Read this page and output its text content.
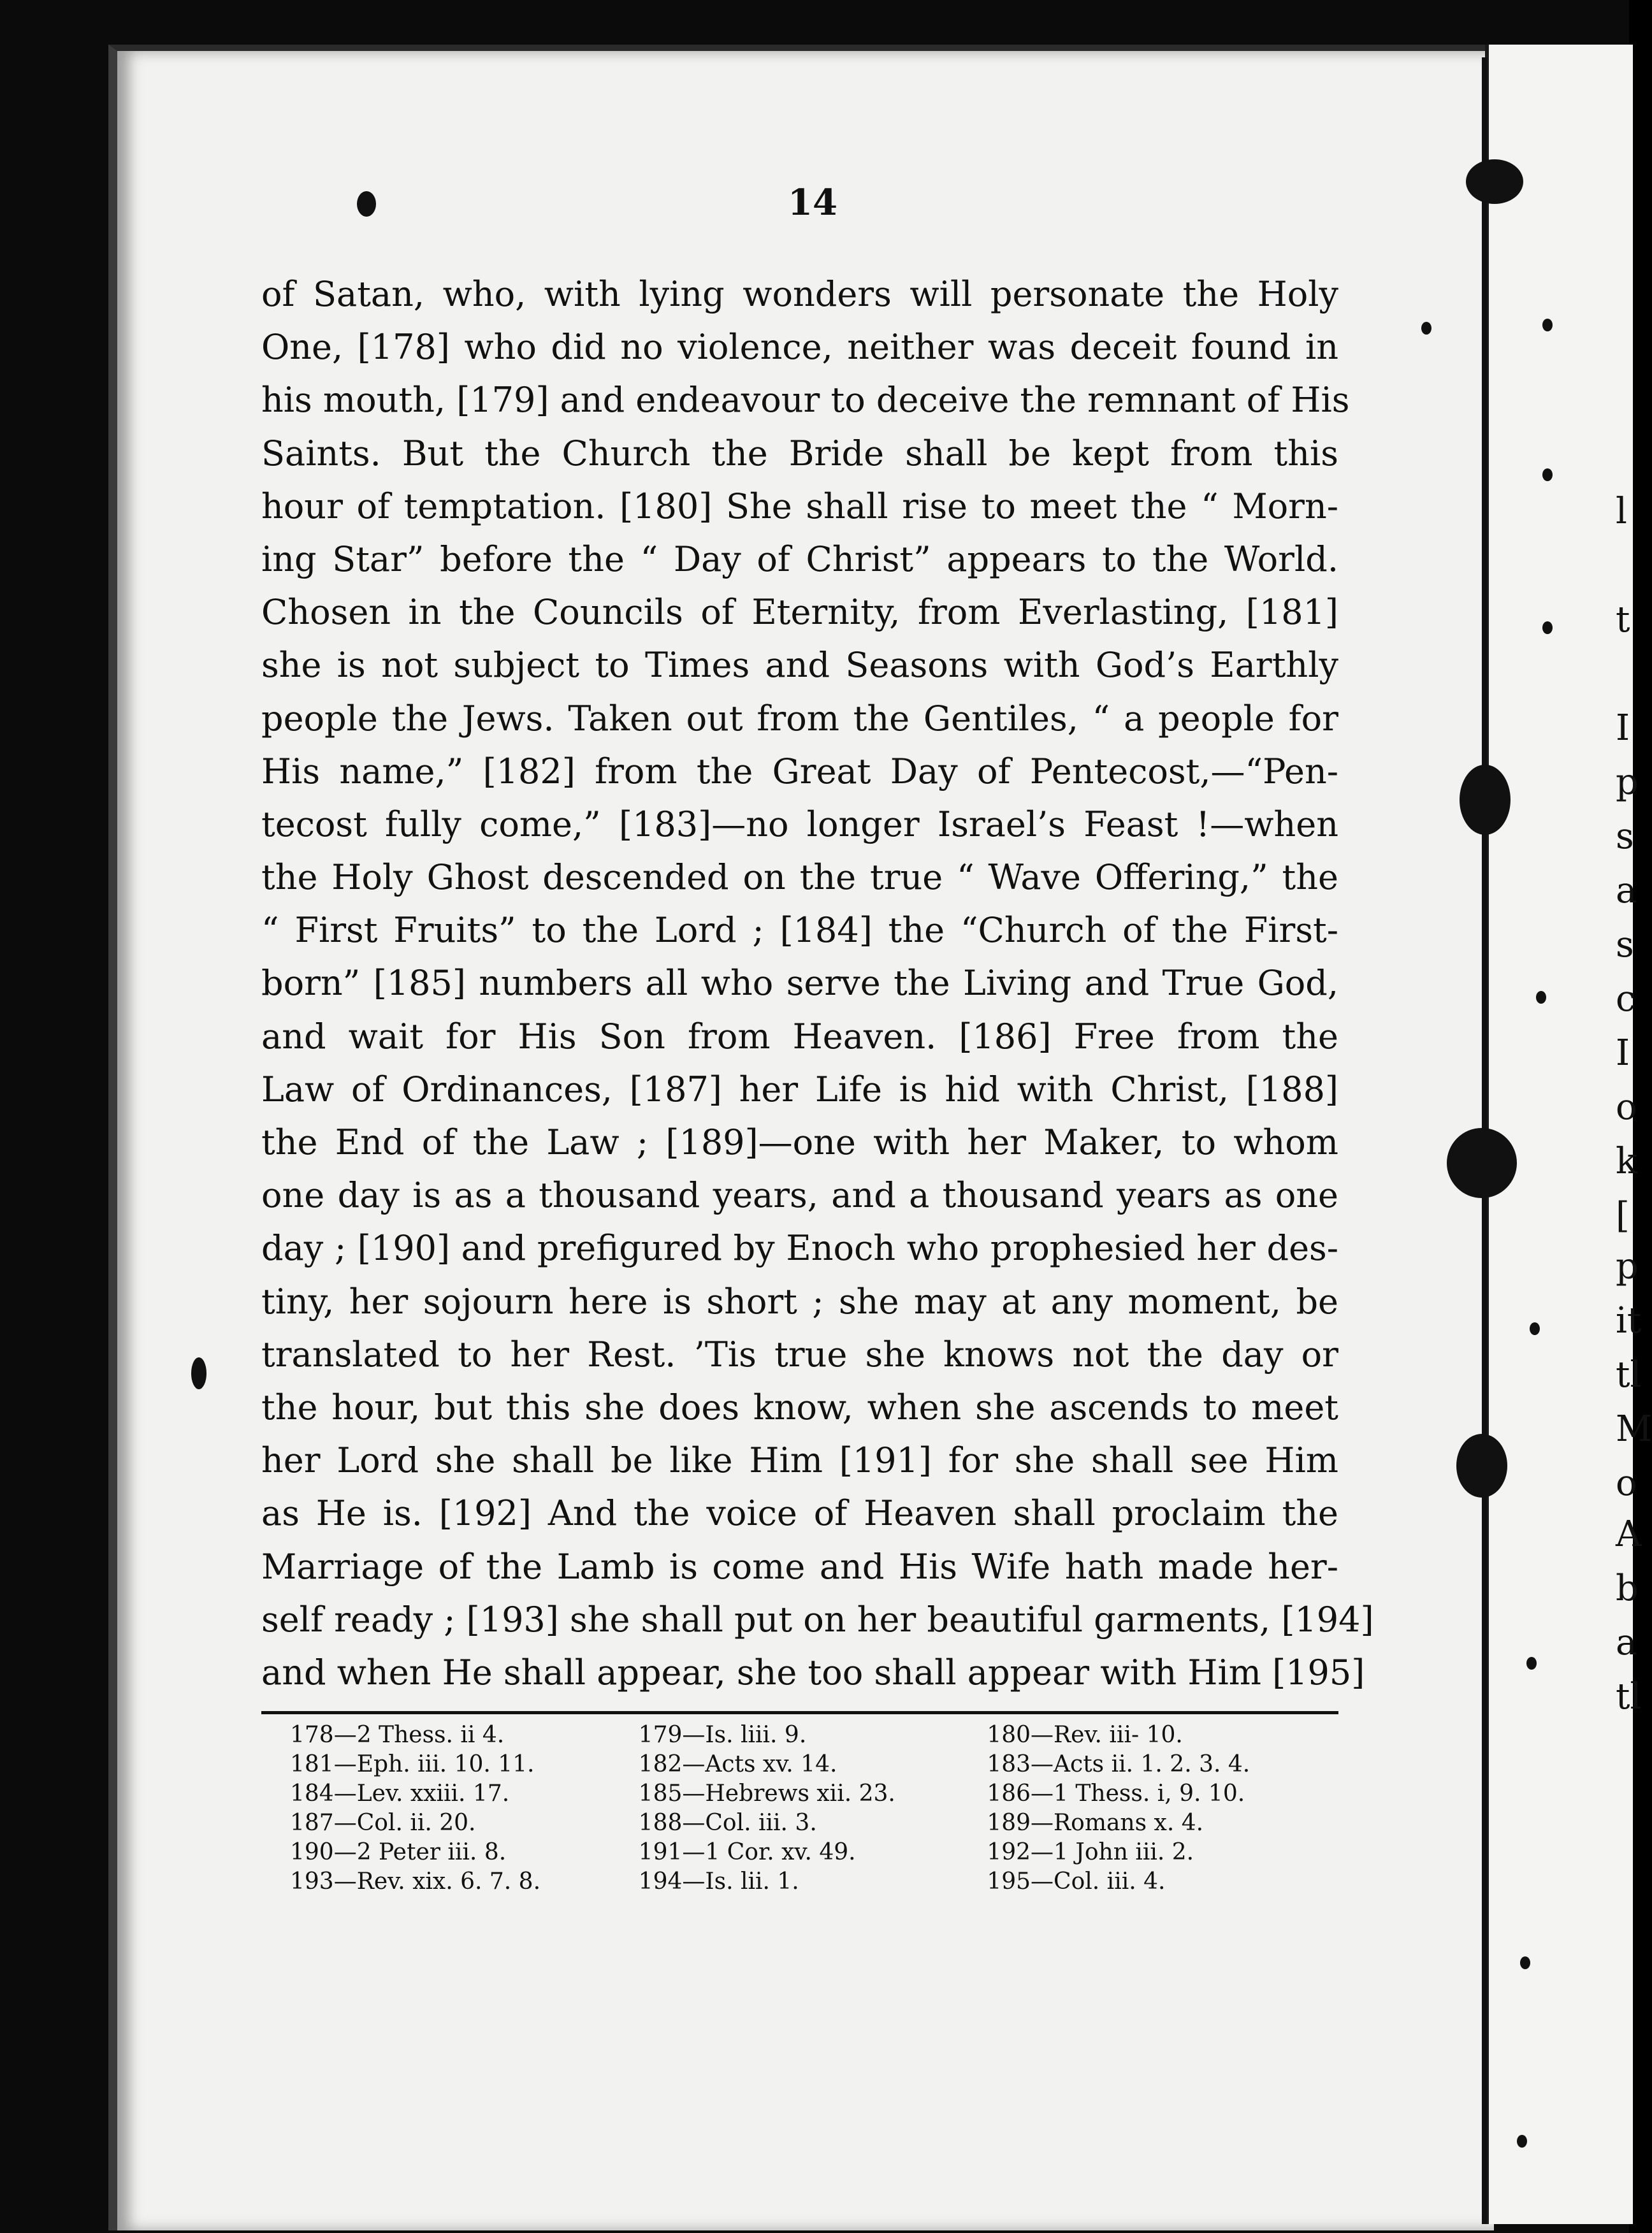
14
of Satan, who, with lying wonders will personate the Holy
One, [178] who did no violence, neither was deceit found in
his mouth, [179] and endeavour to deceive the remnant of His
Saints. But the Church the Bride shall be kept from this
hour of temptation. [180] She shall rise to meet the “ Morn-
ing Star” before the “ Day of Christ” appears to the World.
Chosen in the Councils of Eternity, from Everlasting, [181]
she is not subject to Times and Seasons with God’s Earthly
people the Jews. Taken out from the Gentiles, “ a people for
His name,” [182] from the Great Day of Pentecost,—“Pen-
tecost fully come,” [183]—no longer Israel’s Feast !—when
the Holy Ghost descended on the true “ Wave Offering,” the
“ First Fruits” to the Lord ; [184] the “Church of the First-
born” [185] numbers all who serve the Living and True God,
and wait for His Son from Heaven. [186] Free from the
Law of Ordinances, [187] her Life is hid with Christ, [188]
the End of the Law ; [189]—one with her Maker, to whom
one day is as a thousand years, and a thousand years as one
day ; [190] and prefigured by Enoch who prophesied her des-
tiny, her sojourn here is short ; she may at any moment, be
translated to her Rest. ’Tis true she knows not the day or
the hour, but this she does know, when she ascends to meet
her Lord she shall be like Him [191] for she shall see Him
as He is. [192] And the voice of Heaven shall proclaim the
Marriage of the Lamb is come and His Wife hath made her-
self ready ; [193] she shall put on her beautiful garments, [194]
and when He shall appear, she too shall appear with Him [195]
178—2 Thess. ii 4.	179—Is. liii. 9.	180—Rev. iii- 10.
181—Eph. iii. 10. 11.	182—Acts xv. 14.	183—Acts ii. 1. 2. 3. 4.
184—Lev. xxiii. 17.	185—Hebrews xii. 23.	186—1 Thess. i, 9. 10.
187—Col. ii. 20.	188—Col. iii. 3.	189—Romans x. 4.
190—2 Peter iii. 8.	191—1 Cor. xv. 49.	192—1 John iii. 2.
193—Rev. xix. 6. 7. 8.	194—Is. lii. 1.	195—Col. iii. 4.
l
t
I
p
s
a
s
c
I
o
k
[
p
it
tl
M
o
A
b
a
tl
